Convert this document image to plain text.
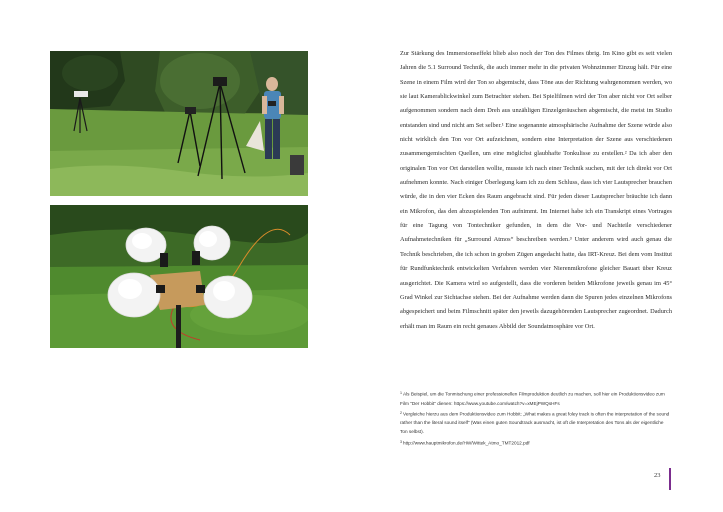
Zur Stärkung des Immersionseffekt blieb also noch der Ton des Filmes übrig. Im Kino gibt es seit vielen Jahren die 5.1 Surround Technik, die auch immer mehr in die privaten Wohnzimmer Einzug hält. Für eine Szene in einem Film wird der Ton so abgemischt, dass Töne aus der Richtung wahrgenommen werden, wo sie laut Kamerablickwinkel zum Betrachter stehen. Bei Spielfilmen wird der Ton aber nicht vor Ort selber aufgenommen sondern nach dem Dreh aus unzähligen Einzelgeräuschen abgemischt, die meist im Studio entstanden sind und nicht am Set selber.¹ Eine sogenannte atmosphärische Aufnahme der Szene würde also nicht wirklich den Ton vor Ort aufzeichnen, sondern eine Interpretation der Szene aus verschiedenen zusammengemischten Quellen, um eine möglichst glaubhafte Tonkulisse zu erstellen.² Da ich aber den originalen Ton vor Ort darstellen wollte, musste ich nach einer Technik suchen, mit der ich direkt vor Ort aufnehmen konnte. Nach einiger Überlegung kam ich zu dem Schluss, dass ich vier Lautsprecher brauchen würde, die in den vier Ecken des Raum angebracht sind. Für jeden dieser Lautsprecher bräuchte ich dann ein Mikrofon, das den abzuspielenden Ton aufnimmt. Im Internet habe ich ein Transkript eines Vortrages für eine Tagung von Tontechniker gefunden, in dem die Vor- und Nachteile verschiedener Aufnahmetechniken für „Surround Atmos“ beschreiben werden.³ Unter anderem wird auch genau die Technik beschrieben, die ich schon in groben Zügen angedacht hatte, das IRT-Kreuz. Bei dem vom Institut für Rundfunktechnik entwickelten Verfahren werden vier Nierenmikrofone gleicher Bauart über Kreuz ausgerichtet. Die Kamera wird so aufgestellt, dass die vorderen beiden Mikrofone jeweils genau im 45° Grad Winkel zur Sichtachse stehen. Bei der Aufnahme werden dann die Spuren jedes einzelnen Mikrofons abgespeichert und beim Filmschnitt später den jeweils dazugehörenden Lautsprecher zugeordnet. Dadurch erhält man im Raum ein recht genaues Abbild der Soundatmosphäre vor Ort.

$^1$Als Beispiel, um die Tonmischung einer professionellen Filmproduktion deutlich zu machen, soll hier ein Produktionsvideo zum Film "Der Hobbit" dienen: https://www.youtube.com/watch?v=xMEjPWQsHFs

$^2$Vergleiche hierzu aus dem Produktionsvideo zum Hobbit: „What makes a great foley track is often the interpretation of the sound rather than the literal sound itself“ (Was einen guten Soundtrack ausmacht, ist oft die Interpretation des Tons als der eigentliche Ton selbst).

$^3$http://www.hauptmikrofon.de/HW/Wittek_Atmo_TMT2012.pdf

23
